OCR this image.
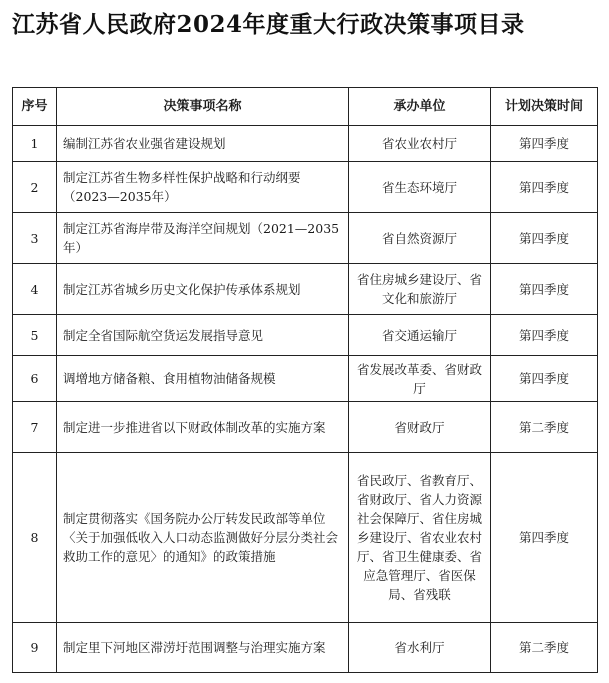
江苏省人民政府2024年度重大行政决策事项目录
序号	决策事项名称	承办单位	计划决策时间
1	编制江苏省农业强省建设规划	省农业农村厅	第四季度
2	制定江苏省生物多样性保护战略和行动纲要（2023—2035年）	省生态环境厅	第四季度
3	制定江苏省海岸带及海洋空间规划（2021—2035年）	省自然资源厅	第四季度
4	制定江苏省城乡历史文化保护传承体系规划	省住房城乡建设厅、省文化和旅游厅	第四季度
5	制定全省国际航空货运发展指导意见	省交通运输厅	第四季度
6	调增地方储备粮、食用植物油储备规模	省发展改革委、省财政厅	第四季度
7	制定进一步推进省以下财政体制改革的实施方案	省财政厅	第二季度
8	制定贯彻落实《国务院办公厅转发民政部等单位〈关于加强低收入人口动态监测做好分层分类社会救助工作的意见〉的通知》的政策措施	省民政厅、省教育厅、省财政厅、省人力资源社会保障厅、省住房城乡建设厅、省农业农村厅、省卫生健康委、省应急管理厅、省医保局、省残联	第四季度
9	制定里下河地区滞涝圩范围调整与治理实施方案	省水利厅	第二季度
